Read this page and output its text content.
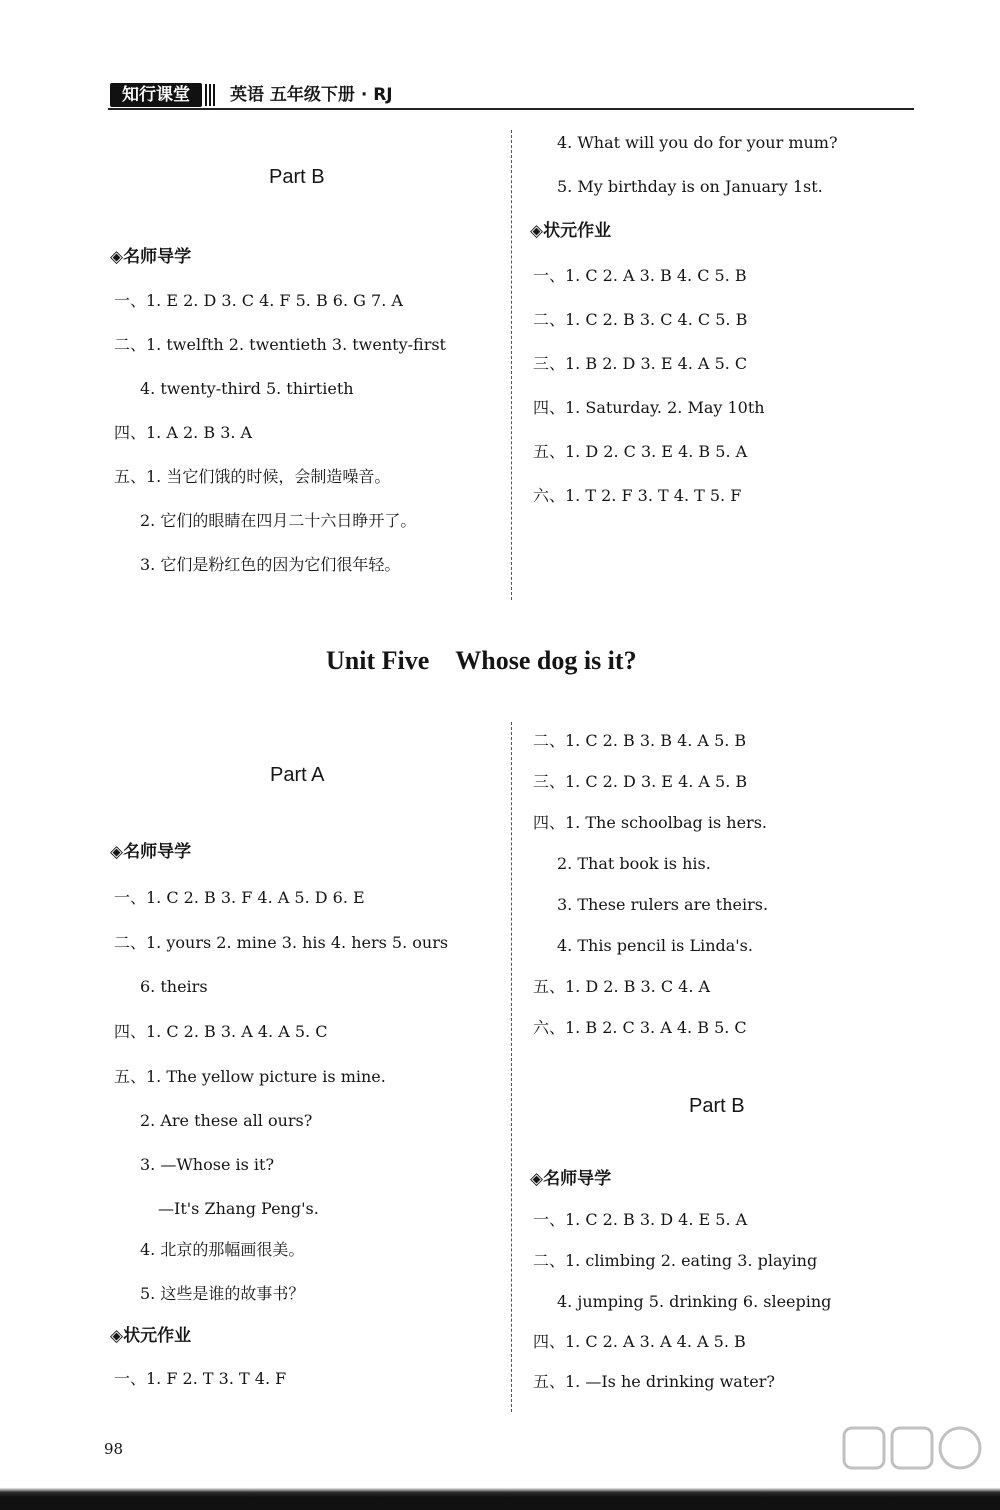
知行课堂	英语 五年级下册 · RJ
Part B
◈名师导学
一、1. E 2. D 3. C 4. F 5. B 6. G 7. A
二、1. twelfth 2. twentieth 3. twenty-first
4. twenty-third 5. thirtieth
四、1. A 2. B 3. A
五、1. 当它们饿的时候，会制造噪音。
2. 它们的眼睛在四月二十六日睁开了。
3. 它们是粉红色的因为它们很年轻。
4. What will you do for your mum?
5. My birthday is on January 1st.
◈状元作业
一、1. C 2. A 3. B 4. C 5. B
二、1. C 2. B 3. C 4. C 5. B
三、1. B 2. D 3. E 4. A 5. C
四、1. Saturday. 2. May 10th
五、1. D 2. C 3. E 4. B 5. A
六、1. T 2. F 3. T 4. T 5. F
Unit Five　Whose dog is it?
Part A
◈名师导学
一、1. C 2. B 3. F 4. A 5. D 6. E
二、1. yours 2. mine 3. his 4. hers 5. ours
6. theirs
四、1. C 2. B 3. A 4. A 5. C
五、1. The yellow picture is mine.
2. Are these all ours?
3. —Whose is it?
—It's Zhang Peng's.
4. 北京的那幅画很美。
5. 这些是谁的故事书？
◈状元作业
一、1. F 2. T 3. T 4. F
二、1. C 2. B 3. B 4. A 5. B
三、1. C 2. D 3. E 4. A 5. B
四、1. The schoolbag is hers.
2. That book is his.
3. These rulers are theirs.
4. This pencil is Linda's.
五、1. D 2. B 3. C 4. A
六、1. B 2. C 3. A 4. B 5. C
Part B
◈名师导学
一、1. C 2. B 3. D 4. E 5. A
二、1. climbing 2. eating 3. playing
4. jumping 5. drinking 6. sleeping
四、1. C 2. A 3. A 4. A 5. B
五、1. —Is he drinking water?
98
